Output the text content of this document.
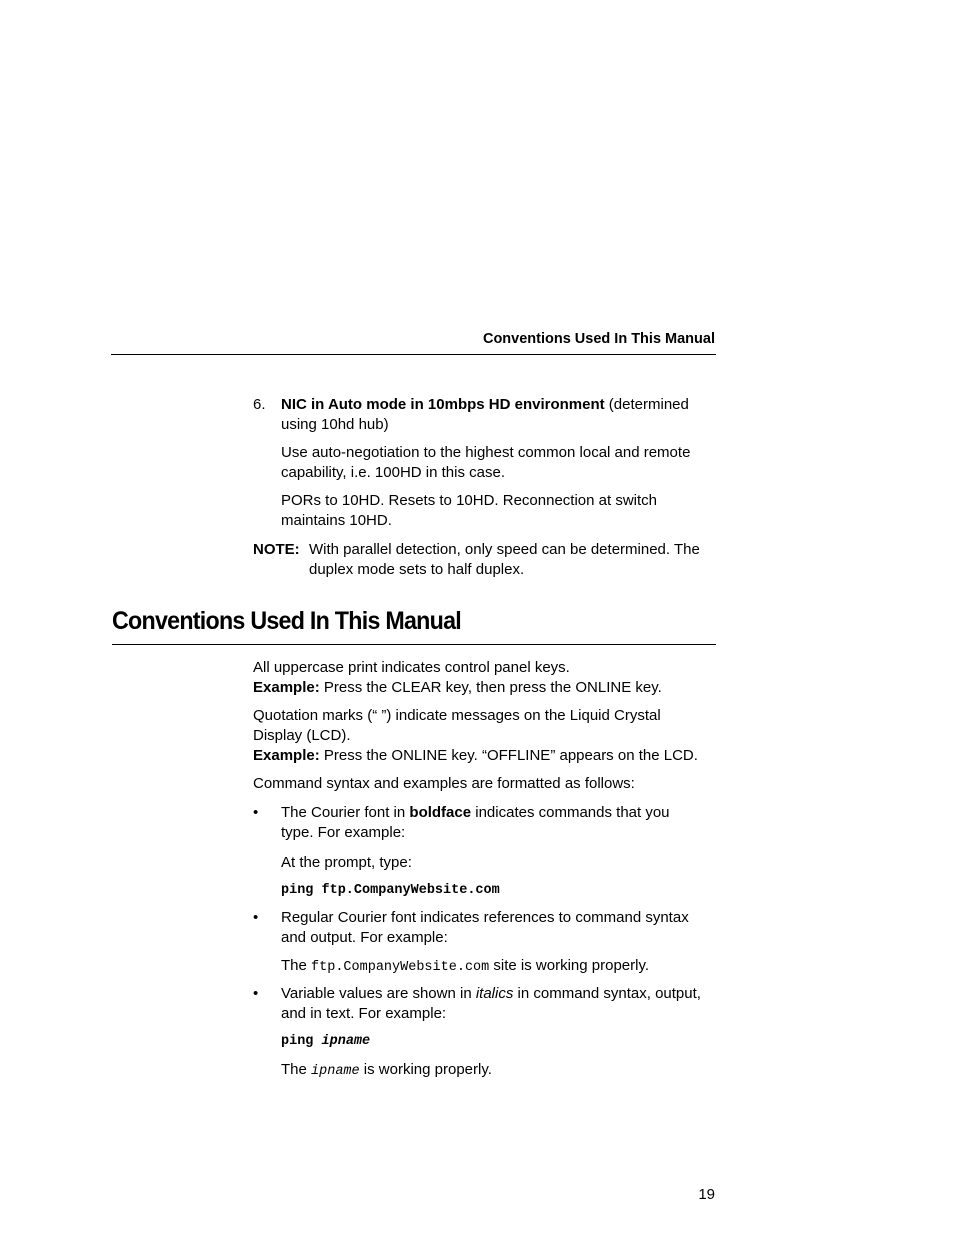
Conventions Used In This Manual
6.	NIC in Auto mode in 10mbps HD environment (determined

using 10hd hub)

Use auto-negotiation to the highest common local and remote

capability, i.e. 100HD in this case.

PORs to 10HD. Resets to 10HD. Reconnection at switch

maintains 10HD.

NOTE: With parallel detection, only speed can be determined. The

duplex mode sets to half duplex.

Conventions Used In This Manual

All uppercase print indicates control panel keys.

Example: Press the CLEAR key, then press the ONLINE key.

Quotation marks (“ ”) indicate messages on the Liquid Crystal

Display (LCD).

Example: Press the ONLINE key. “OFFLINE” appears on the LCD.

Command syntax and examples are formatted as follows:

•	The Courier font in boldface indicates commands that you

type. For example:

At the prompt, type:

ping ftp.CompanyWebsite.com

•	Regular Courier font indicates references to command syntax

and output. For example:

The ftp.CompanyWebsite.com site is working properly.

•	Variable values are shown in italics in command syntax, output,

and in text. For example:

ping ipname

The ipname is working properly.

19
